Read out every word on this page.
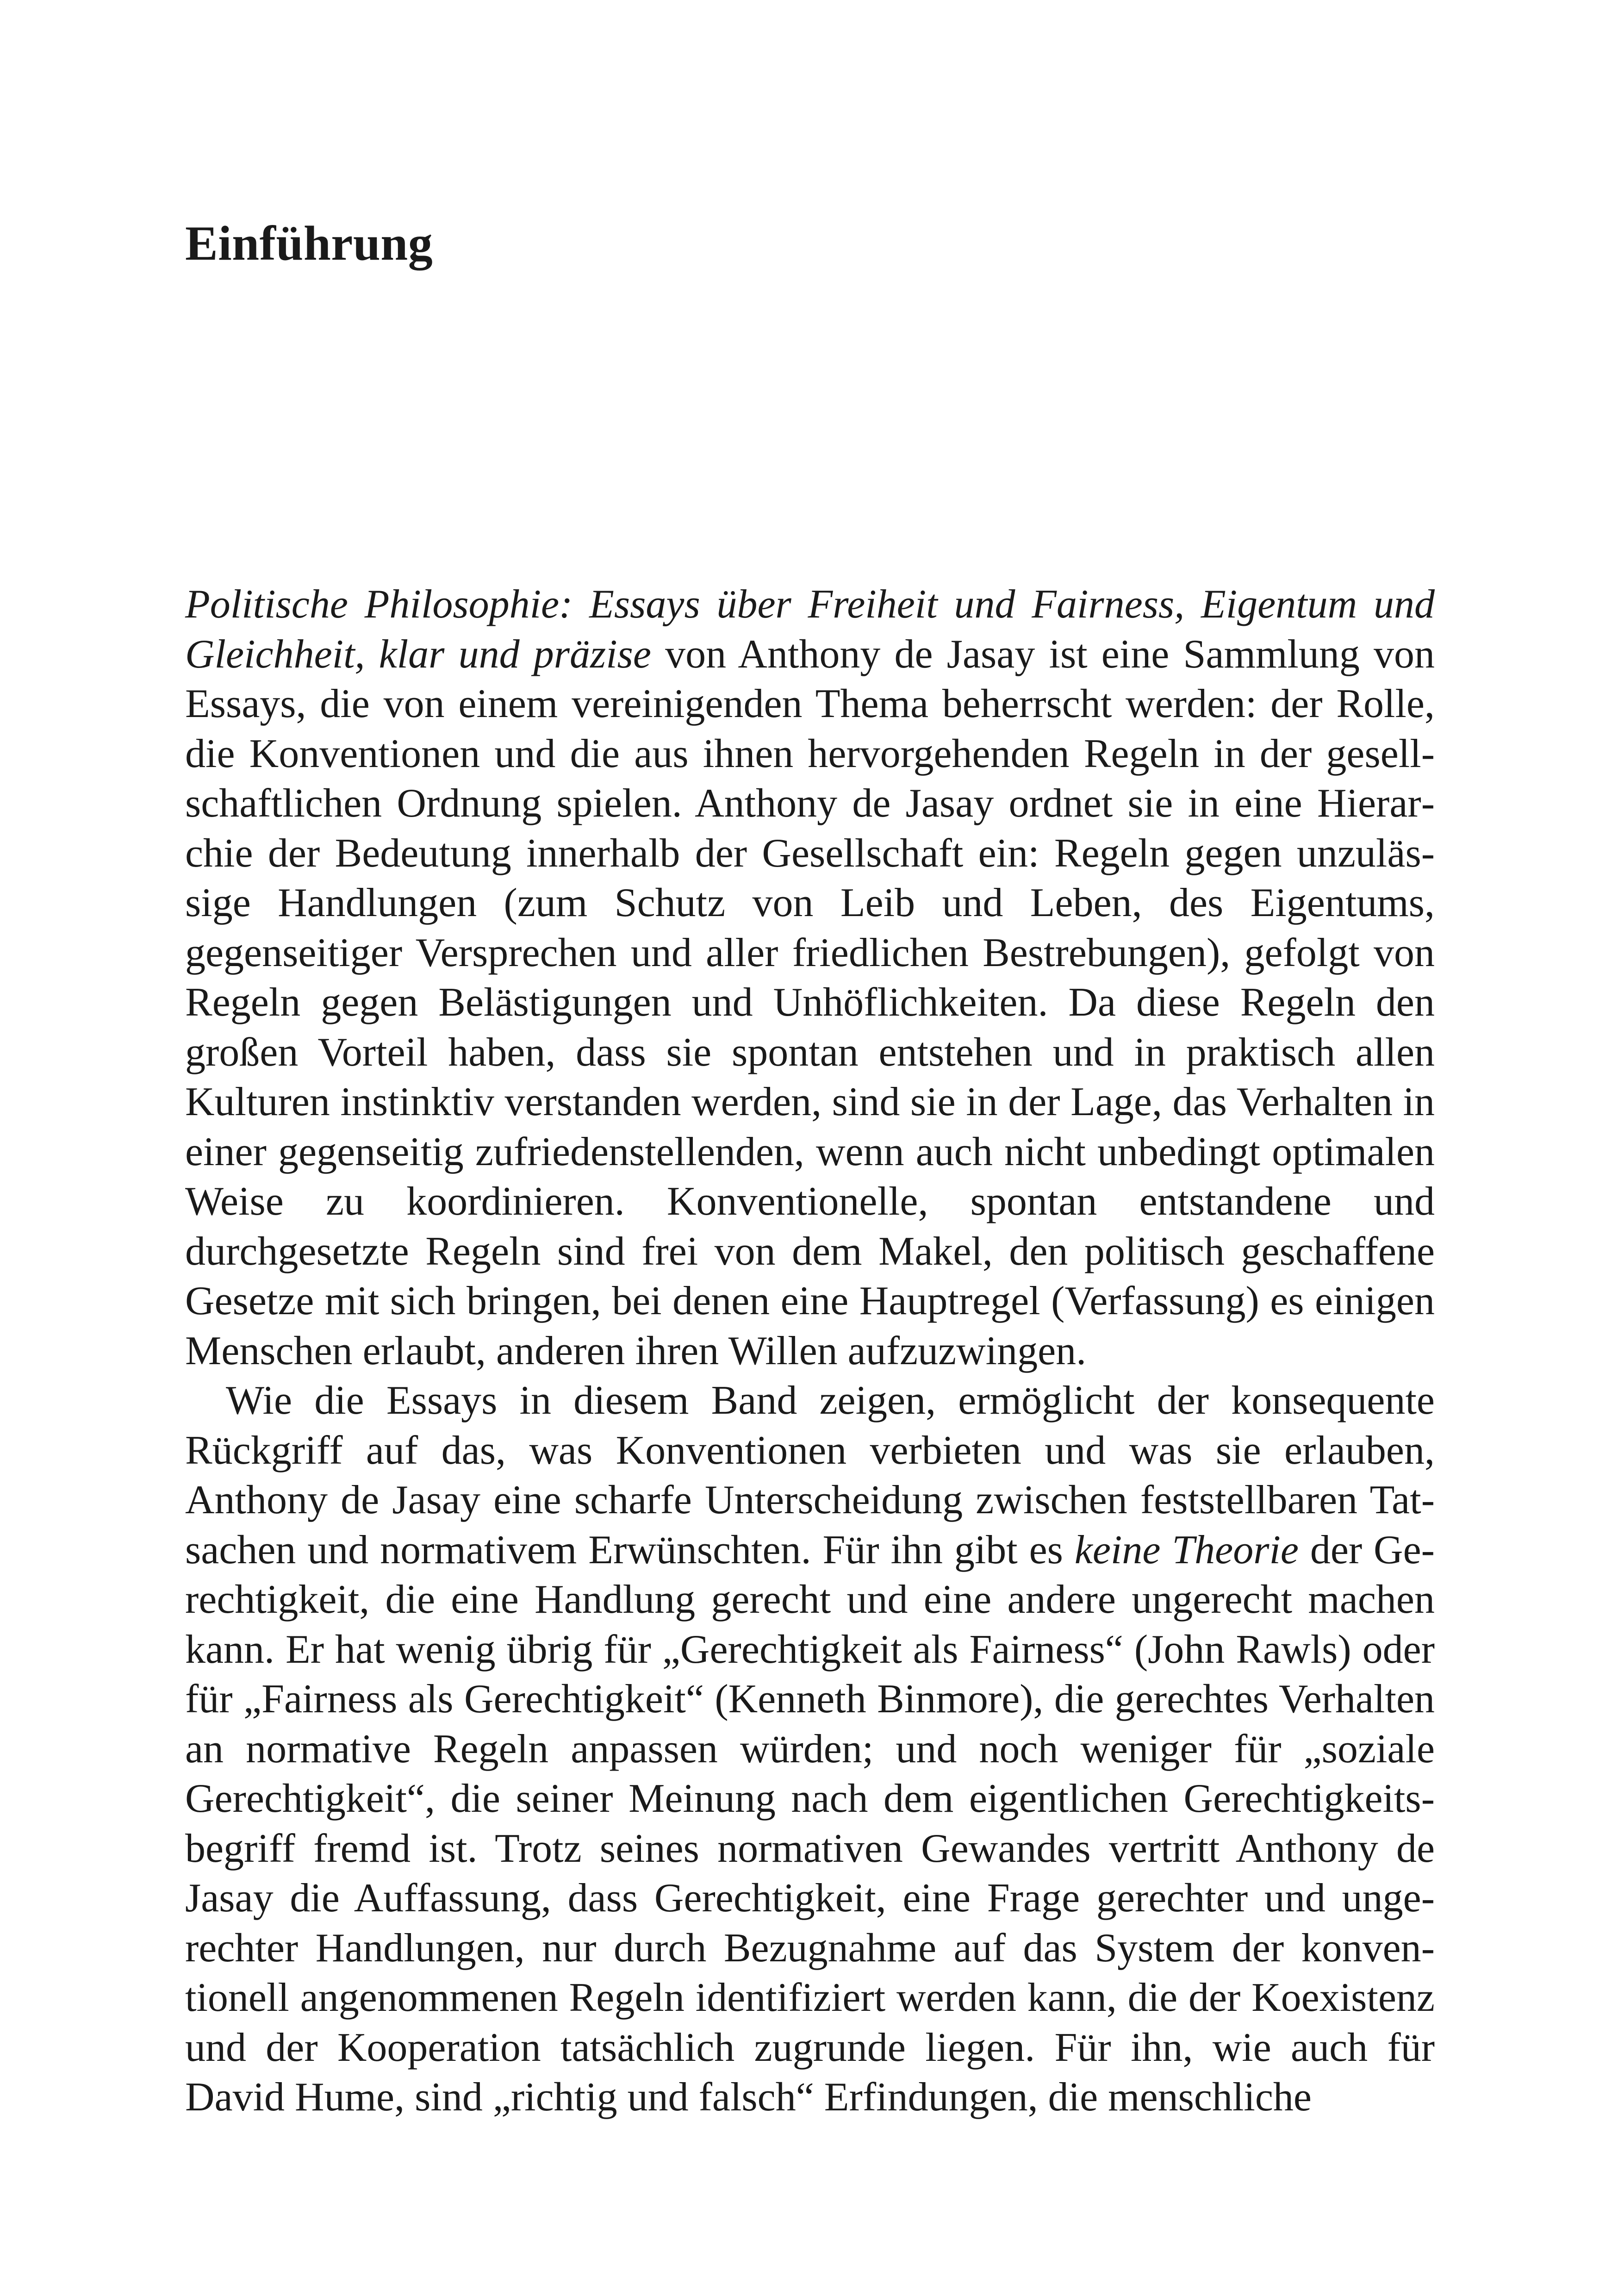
Einführung

Politische Philosophie: Essays über Freiheit und Fairness, Eigentum und Gleichheit, klar und präzise von Anthony de Jasay ist eine Sammlung von Essays, die von einem vereinigenden Thema beherrscht werden: der Rolle, die Konventionen und die aus ihnen hervorgehenden Regeln in der gesellschaftlichen Ordnung spielen. Anthony de Jasay ordnet sie in eine Hierarchie der Bedeutung innerhalb der Gesellschaft ein: Regeln gegen unzulässige Handlungen (zum Schutz von Leib und Leben, des Eigentums, gegenseitiger Versprechen und aller friedlichen Bestrebungen), gefolgt von Regeln gegen Belästigungen und Unhöflichkeiten. Da diese Regeln den großen Vorteil haben, dass sie spontan entstehen und in praktisch allen Kulturen instinktiv verstanden werden, sind sie in der Lage, das Verhalten in einer gegenseitig zufriedenstellenden, wenn auch nicht unbedingt optimalen Weise zu koordinieren. Konventionelle, spontan entstandene und durchgesetzte Regeln sind frei von dem Makel, den politisch geschaffene Gesetze mit sich bringen, bei denen eine Hauptregel (Verfassung) es einigen Menschen erlaubt, anderen ihren Willen aufzuzwingen.

Wie die Essays in diesem Band zeigen, ermöglicht der konsequente Rückgriff auf das, was Konventionen verbieten und was sie erlauben, Anthony de Jasay eine scharfe Unterscheidung zwischen feststellbaren Tatsachen und normativem Erwünschten. Für ihn gibt es keine Theorie der Gerechtigkeit, die eine Handlung gerecht und eine andere ungerecht machen kann. Er hat wenig übrig für „Gerechtigkeit als Fairness“ (John Rawls) oder für „Fairness als Gerechtigkeit“ (Kenneth Binmore), die gerechtes Verhalten an normative Regeln anpassen würden; und noch weniger für „soziale Gerechtigkeit“, die seiner Meinung nach dem eigentlichen Gerechtigkeitsbegriff fremd ist. Trotz seines normativen Gewandes vertritt Anthony de Jasay die Auffassung, dass Gerechtigkeit, eine Frage gerechter und ungerechter Handlungen, nur durch Bezugnahme auf das System der konventionell angenommenen Regeln identifiziert werden kann, die der Koexistenz und der Kooperation tatsächlich zugrunde liegen. Für ihn, wie auch für David Hume, sind „richtig und falsch“ Erfindungen, die menschliche
